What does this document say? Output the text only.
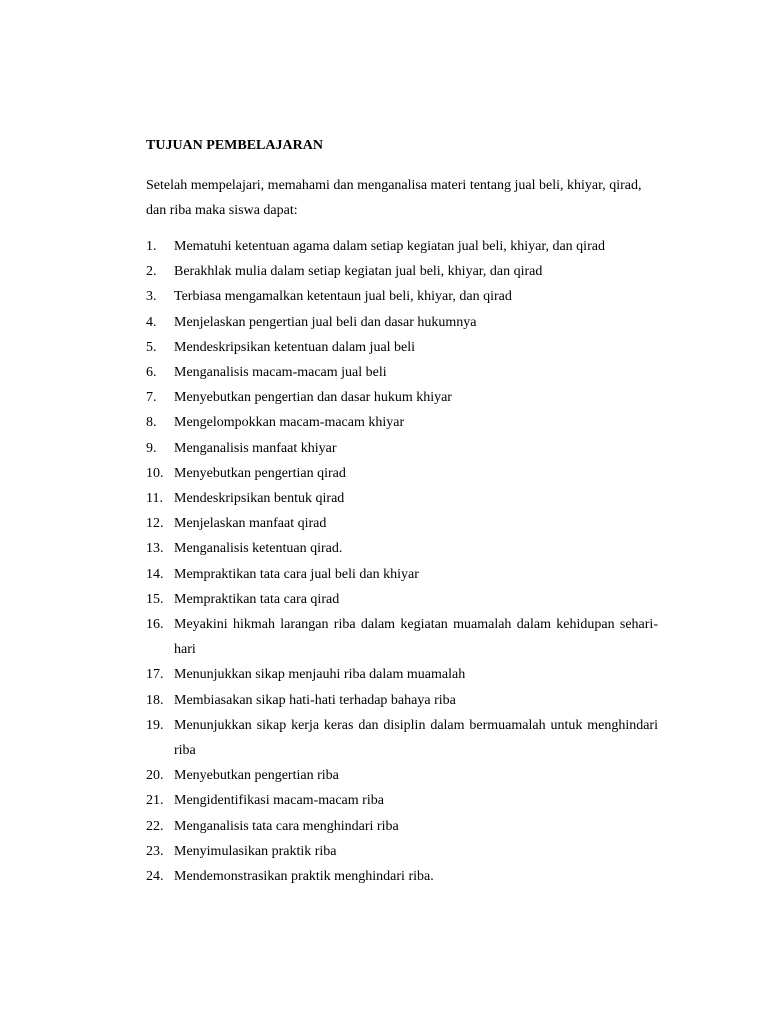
TUJUAN PEMBELAJARAN

Setelah mempelajari, memahami dan menganalisa materi tentang jual beli, khiyar, qirad, dan riba maka siswa dapat:

1.	Mematuhi ketentuan agama dalam setiap kegiatan jual beli, khiyar, dan qirad
2.	Berakhlak mulia dalam setiap kegiatan jual beli, khiyar, dan qirad
3.	Terbiasa mengamalkan ketentaun jual beli, khiyar, dan qirad
4.	Menjelaskan pengertian jual beli dan dasar hukumnya
5.	Mendeskripsikan ketentuan dalam jual beli
6.	Menganalisis macam-macam jual beli
7.	Menyebutkan pengertian dan dasar hukum khiyar
8.	Mengelompokkan macam-macam khiyar
9.	Menganalisis manfaat khiyar
10. Menyebutkan pengertian qirad
11. Mendeskripsikan bentuk qirad
12. Menjelaskan manfaat qirad
13. Menganalisis ketentuan qirad.
14. Mempraktikan tata cara jual beli dan khiyar
15. Mempraktikan tata cara qirad
16. Meyakini hikmah larangan riba dalam kegiatan muamalah dalam kehidupan sehari-hari
17. Menunjukkan sikap menjauhi riba dalam muamalah
18. Membiasakan sikap hati-hati terhadap bahaya riba
19. Menunjukkan sikap kerja keras dan disiplin dalam bermuamalah untuk menghindari riba
20. Menyebutkan pengertian riba
21. Mengidentifikasi macam-macam riba
22. Menganalisis tata cara menghindari riba
23. Menyimulasikan praktik riba
24. Mendemonstrasikan praktik menghindari riba.
